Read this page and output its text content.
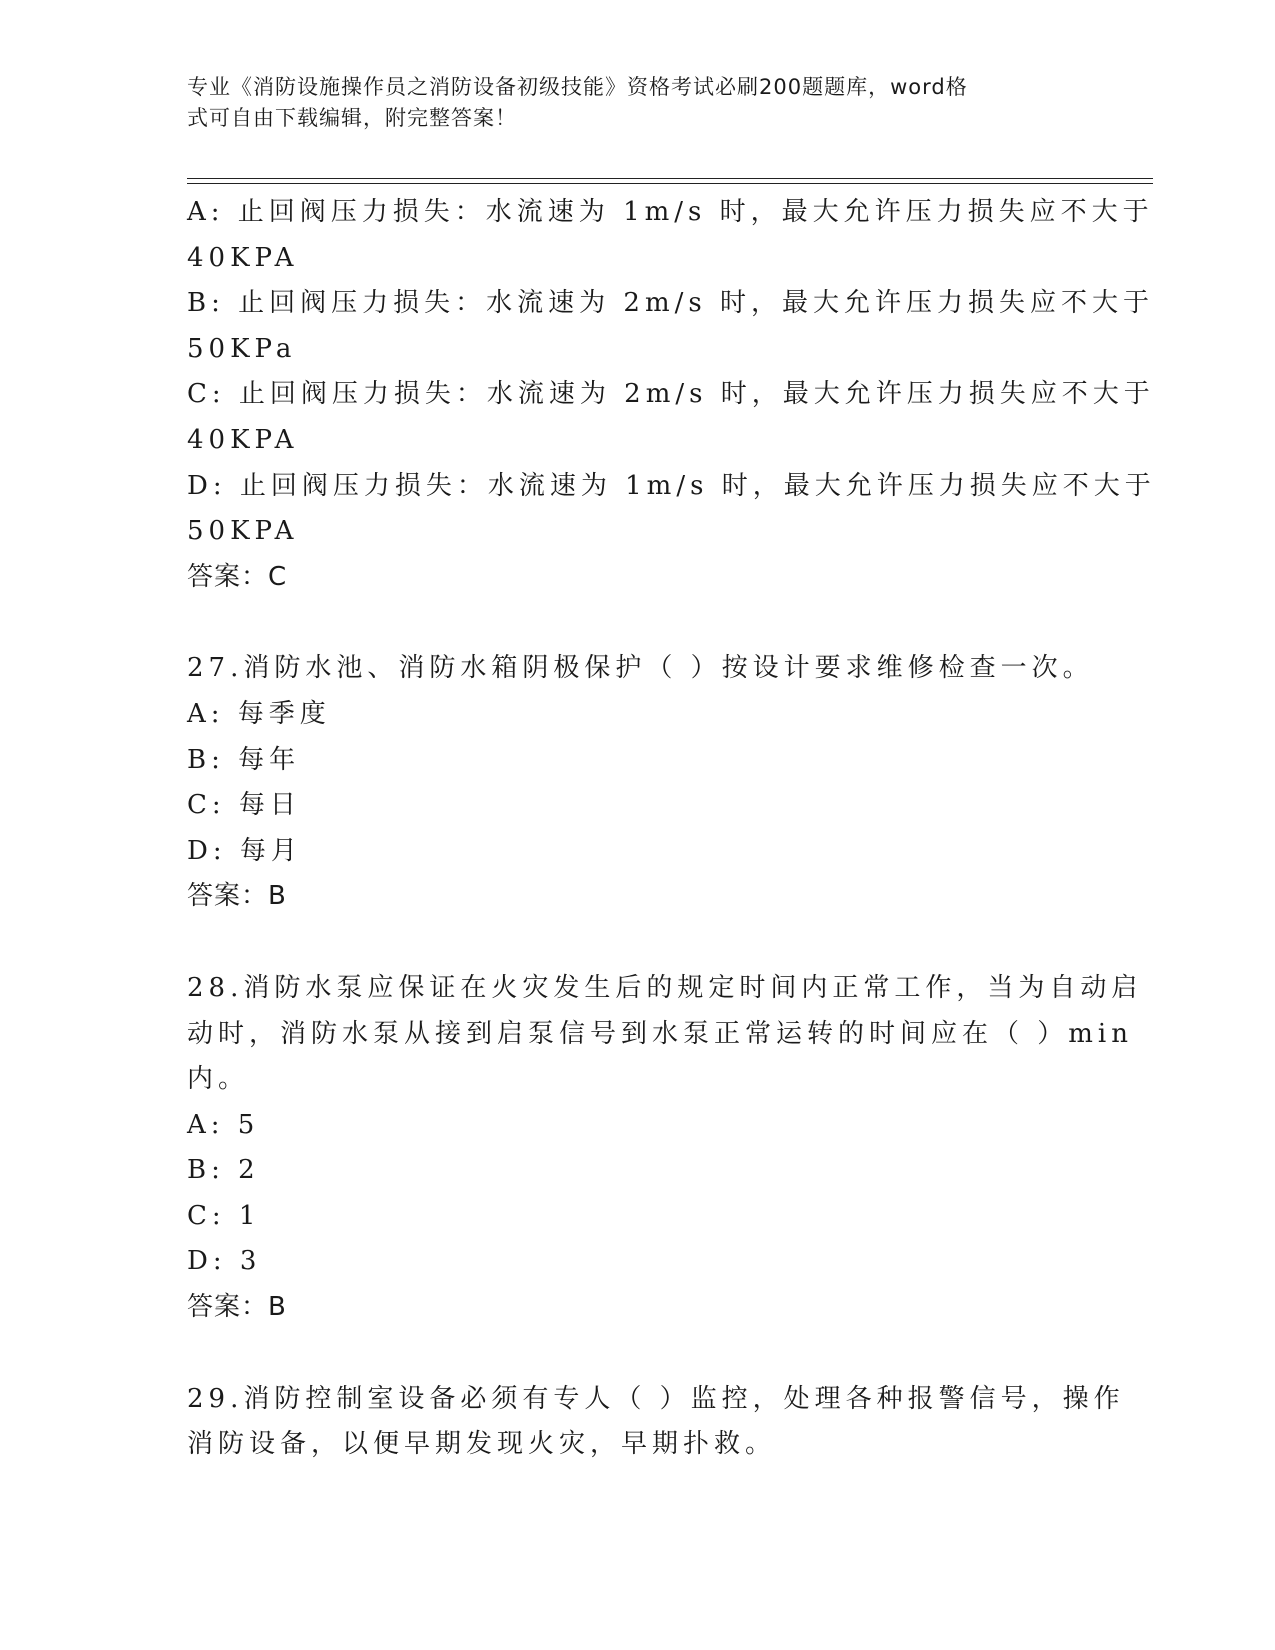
专业《消防设施操作员之消防设备初级技能》资格考试必刷200题题库，word格
式可自由下载编辑，附完整答案！

A: 止回阀压力损失：水流速为 1m/s 时，最大允许压力损失应不大于

40KPA

B: 止回阀压力损失：水流速为 2m/s 时，最大允许压力损失应不大于

50KPa

C: 止回阀压力损失：水流速为 2m/s 时，最大允许压力损失应不大于

40KPA

D: 止回阀压力损失：水流速为 1m/s 时，最大允许压力损失应不大于

50KPA

答案：C

27.消防水池、消防水箱阴极保护（ ）按设计要求维修检查一次。

A: 每季度

B: 每年

C: 每日

D: 每月

答案：B

28.消防水泵应保证在火灾发生后的规定时间内正常工作，当为自动启

动时，消防水泵从接到启泵信号到水泵正常运转的时间应在（ ）min

内。

A: 5

B: 2

C: 1

D: 3

答案：B

29.消防控制室设备必须有专人（ ）监控，处理各种报警信号，操作

消防设备，以便早期发现火灾，早期扑救。
